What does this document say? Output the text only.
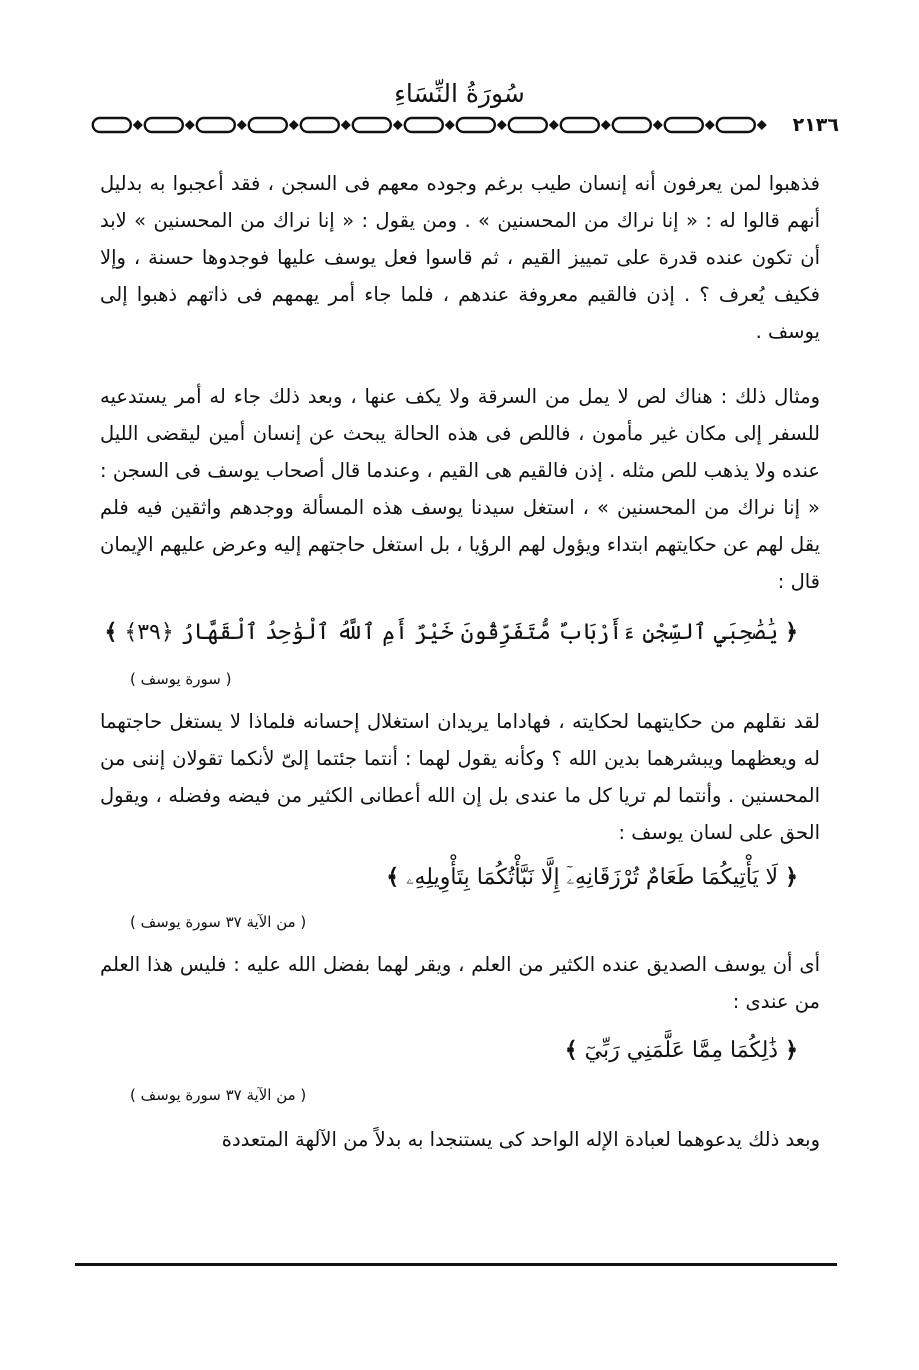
سُورَةُ النِّسَاءِ
٢١٣٦

فذهبوا لمن يعرفون أنه إنسان طيب برغم وجوده معهم فى السجن ، فقد أعجبوا به بدليل أنهم قالوا له : « إنا نراك من المحسنين » . ومن يقول : « إنا نراك من المحسنين » لابد أن تكون عنده قدرة على تمييز القيم ، ثم قاسوا فعل يوسف عليها فوجدوها حسنة ، وإلا فكيف يُعرف ؟ . إذن فالقيم معروفة عندهم ، فلما جاء أمر يهمهم فى ذاتهم ذهبوا إلى يوسف .

ومثال ذلك : هناك لص لا يمل من السرقة ولا يكف عنها ، وبعد ذلك جاء له أمر يستدعيه للسفر إلى مكان غير مأمون ، فاللص فى هذه الحالة يبحث عن إنسان أمين ليقضى الليل عنده ولا يذهب للص مثله . إذن فالقيم هى القيم ، وعندما قال أصحاب يوسف فى السجن : « إنا نراك من المحسنين » ، استغل سيدنا يوسف هذه المسألة ووجدهم واثقين فيه فلم يقل لهم عن حكايتهم ابتداء ويؤول لهم الرؤيا ، بل استغل حاجتهم إليه وعرض عليهم الإيمان قال :

﴿ يَٰصَٰحِبَيِ ٱلسِّجْنِ ءَأَرْبَابٌ مُّتَفَرِّقُونَ خَيْرٌ أَمِ ٱللَّهُ ٱلْوَٰحِدُ ٱلْقَهَّارُ ﴿٣٩﴾ ﴾

( سورة يوسف )

لقد نقلهم من حكايتهما لحكايته ، فهاداما يريدان استغلال إحسانه فلماذا لا يستغل حاجتهما له ويعظهما ويبشرهما بدين الله ؟ وكأنه يقول لهما : أنتما جئتما إلىّ لأنكما تقولان إننى من المحسنين . وأنتما لم تريا كل ما عندى بل إن الله أعطانى الكثير من فيضه وفضله ، ويقول الحق على لسان يوسف :

﴿ لَا يَأْتِيكُمَا طَعَامٌ تُرْزَقَانِهِۦٓ إِلَّا نَبَّأْتُكُمَا بِتَأْوِيلِهِۦ ﴾

( من الآية ٣٧ سورة يوسف )

أى أن يوسف الصديق عنده الكثير من العلم ، ويقر لهما بفضل الله عليه : فليس هذا العلم من عندى :

﴿ ذَٰلِكُمَا مِمَّا عَلَّمَنِي رَبِّيٓ ﴾

( من الآية ٣٧ سورة يوسف )

وبعد ذلك يدعوهما لعبادة الإله الواحد كى يستنجدا به بدلاً من الآلهة المتعددة
